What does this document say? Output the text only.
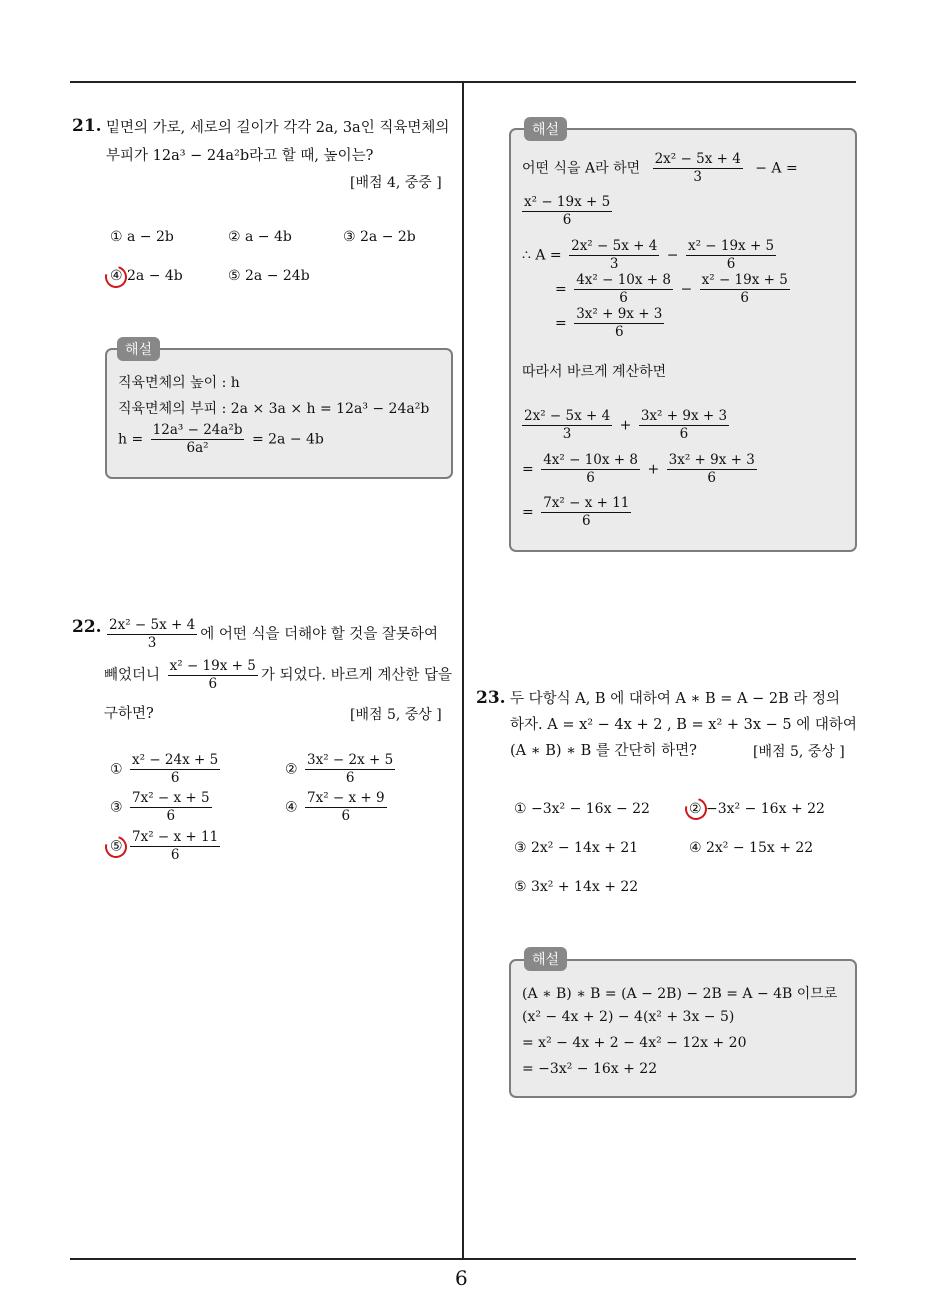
6
21. 밑면의 가로, 세로의 길이가 각각 2a, 3a인 직육면체의
부피가 12a³ − 24a²b라고 할 때, 높이는?
[배점 4, 중중 ]
① a − 2b	② a − 4b	③ 2a − 2b
④ 2a − 4b	⑤ 2a − 24b
해설
직육면체의 높이 : h
직육면체의 부피 : 2a × 3a × h = 12a³ − 24a²b
$h = \frac{\text{12a³ − 24a²b}}{\text{6a²}} = 2a - 4b$
22. $\frac{\text{2x² − 5x + 4}}{3}$ 에 어떤 식을 더해야 할 것을 잘못하여
빼었더니 $\frac{\text{x² − 19x + 5}}{6}$ 가 되었다. 바르게 계산한 답을
구하면?	[배점 5, 중상 ]
① $\frac{\text{x² − 24x + 5}}{6}$	② $\frac{\text{3x² − 2x + 5}}{6}$
③ $\frac{\text{7x² − x + 5}}{6}$	④ $\frac{\text{7x² − x + 9}}{6}$
⑤ $\frac{\text{7x² − x + 11}}{6}$
해설
어떤 식을 A라 하면 $\frac{\text{2x² − 5x + 4}}{3} - A$ =
$\frac{\text{x² − 19x + 5}}{6}$
∴ $A = \frac{\text{2x² − 5x + 4}}{3} - \frac{\text{x² − 19x + 5}}{6}$
= $\frac{\text{4x² − 10x + 8}}{6} - \frac{\text{x² − 19x + 5}}{6}$
= $\frac{\text{3x² + 9x + 3}}{6}$
따라서 바르게 계산하면
$\frac{\text{2x² − 5x + 4}}{3} + \frac{\text{3x² + 9x + 3}}{6}$
= $\frac{\text{4x² − 10x + 8}}{6} + \frac{\text{3x² + 9x + 3}}{6}$
= $\frac{\text{7x² − x + 11}}{6}$
23. 두 다항식 A, B 에 대하여 A ∗ B = A − 2B 라 정의
하자. A = x² − 4x + 2 , B = x² + 3x − 5 에 대하여
(A ∗ B) ∗ B 를 간단히 하면?	[배점 5, 중상 ]
① −3x² − 16x − 22	② −3x² − 16x + 22
③ 2x² − 14x + 21	④ 2x² − 15x + 22
⑤ 3x² + 14x + 22
해설
(A ∗ B) ∗ B = (A − 2B) − 2B = A − 4B 이므로
(x² − 4x + 2) − 4(x² + 3x − 5)
= x² − 4x + 2 − 4x² − 12x + 20
= −3x² − 16x + 22
